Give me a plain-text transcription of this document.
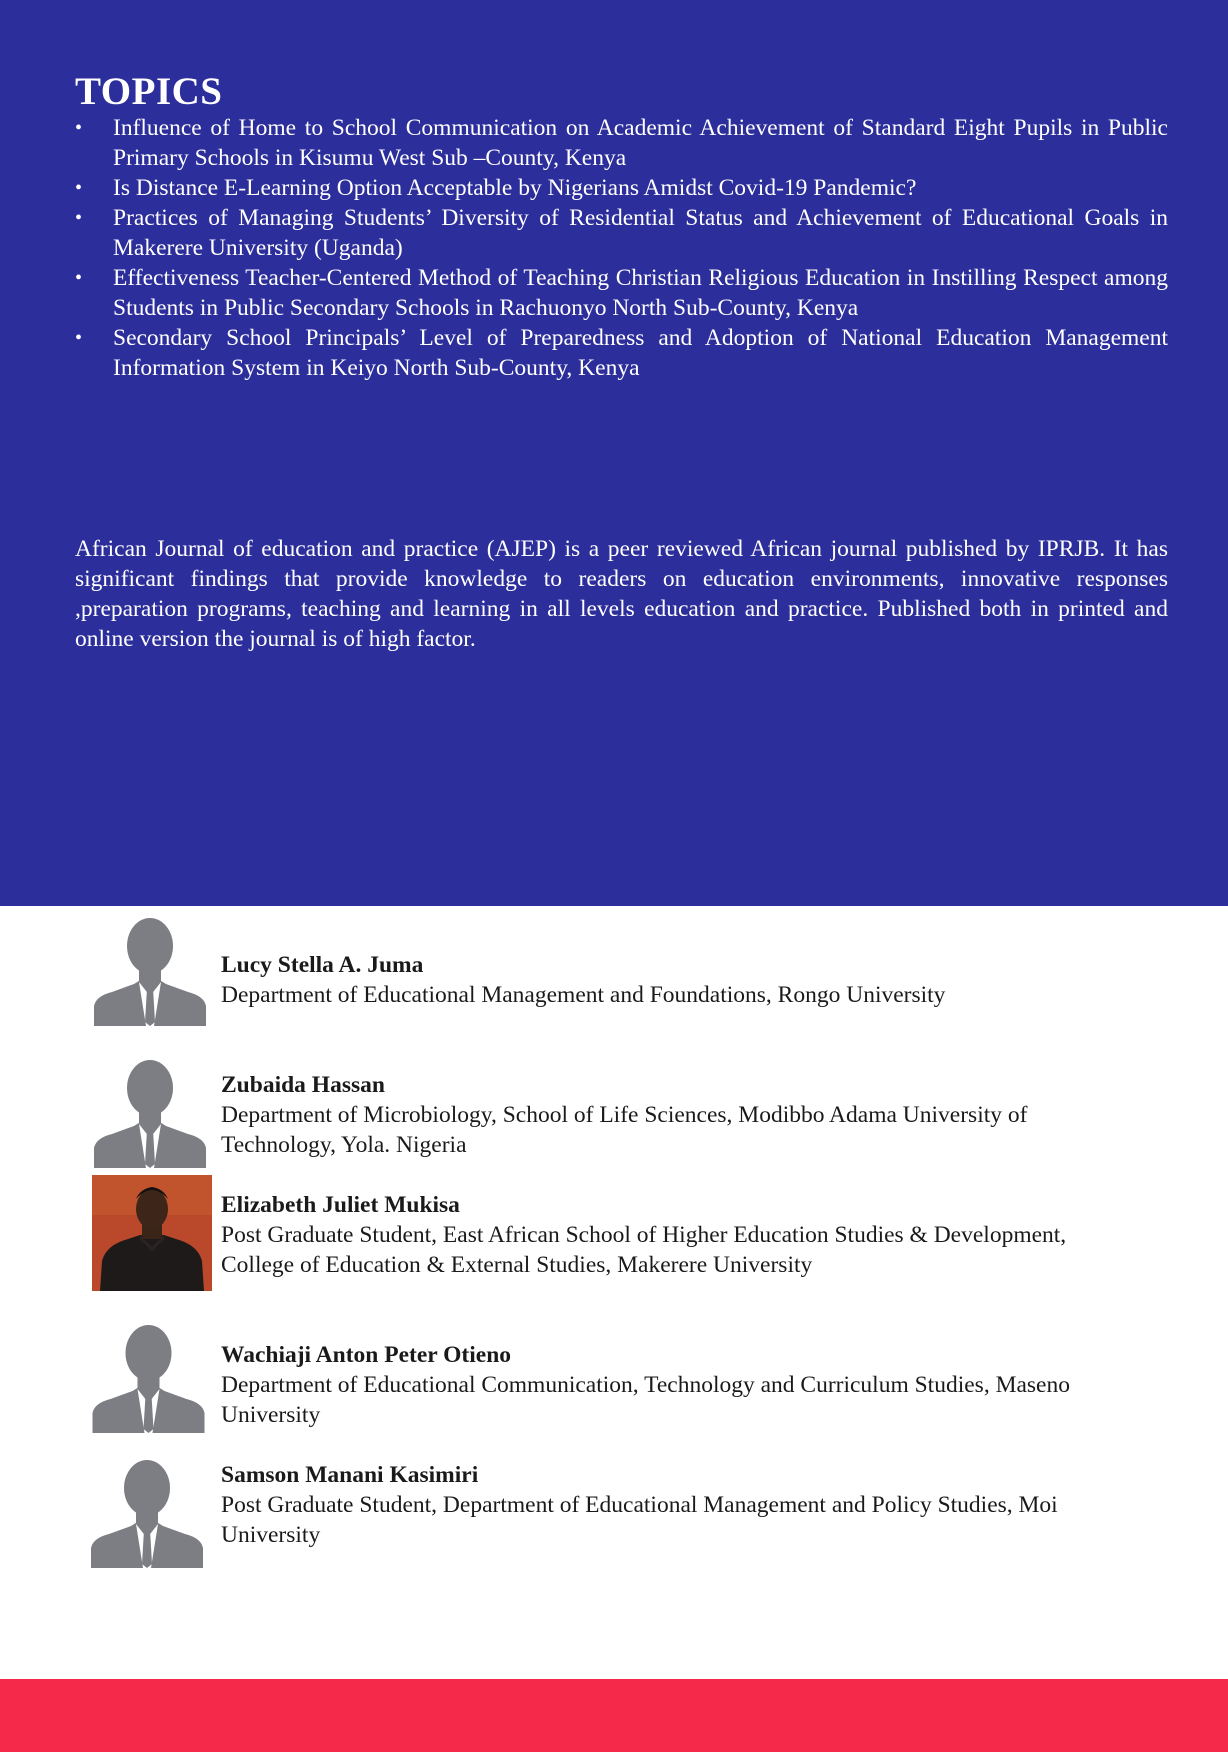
TOPICS
•	Influence of Home to School Communication on Academic Achievement of Standard Eight Pupils in Public Primary Schools in Kisumu West Sub –County, Kenya
•	Is Distance E-Learning Option Acceptable by Nigerians Amidst Covid-19 Pandemic?
•	Practices of Managing Students’ Diversity of Residential Status and Achievement of Educational Goals in Makerere University (Uganda)
•	Effectiveness Teacher-Centered Method of Teaching Christian Religious Education in Instilling Respect among Students in Public Secondary Schools in Rachuonyo North Sub-County, Kenya
•	Secondary School Principals’ Level of Preparedness and Adoption of National Education Management Information System in Keiyo North Sub-County, Kenya

African Journal of education and practice (AJEP) is a peer reviewed African journal published by IPRJB. It has significant findings that provide knowledge to readers on education environments, innovative responses ,preparation programs, teaching and learning in all levels education and practice. Published both in printed and online version the journal is of high factor.

Lucy Stella A. Juma
Department of Educational Management and Foundations, Rongo University
Zubaida Hassan
Department of Microbiology, School of Life Sciences, Modibbo Adama University of Technology, Yola. Nigeria
Elizabeth Juliet Mukisa
Post Graduate Student, East African School of Higher Education Studies & Development, College of Education & External Studies, Makerere University
Wachiaji Anton Peter Otieno
Department of Educational Communication, Technology and Curriculum Studies, Maseno University
Samson Manani Kasimiri
Post Graduate Student, Department of Educational Management and Policy Studies, Moi University
